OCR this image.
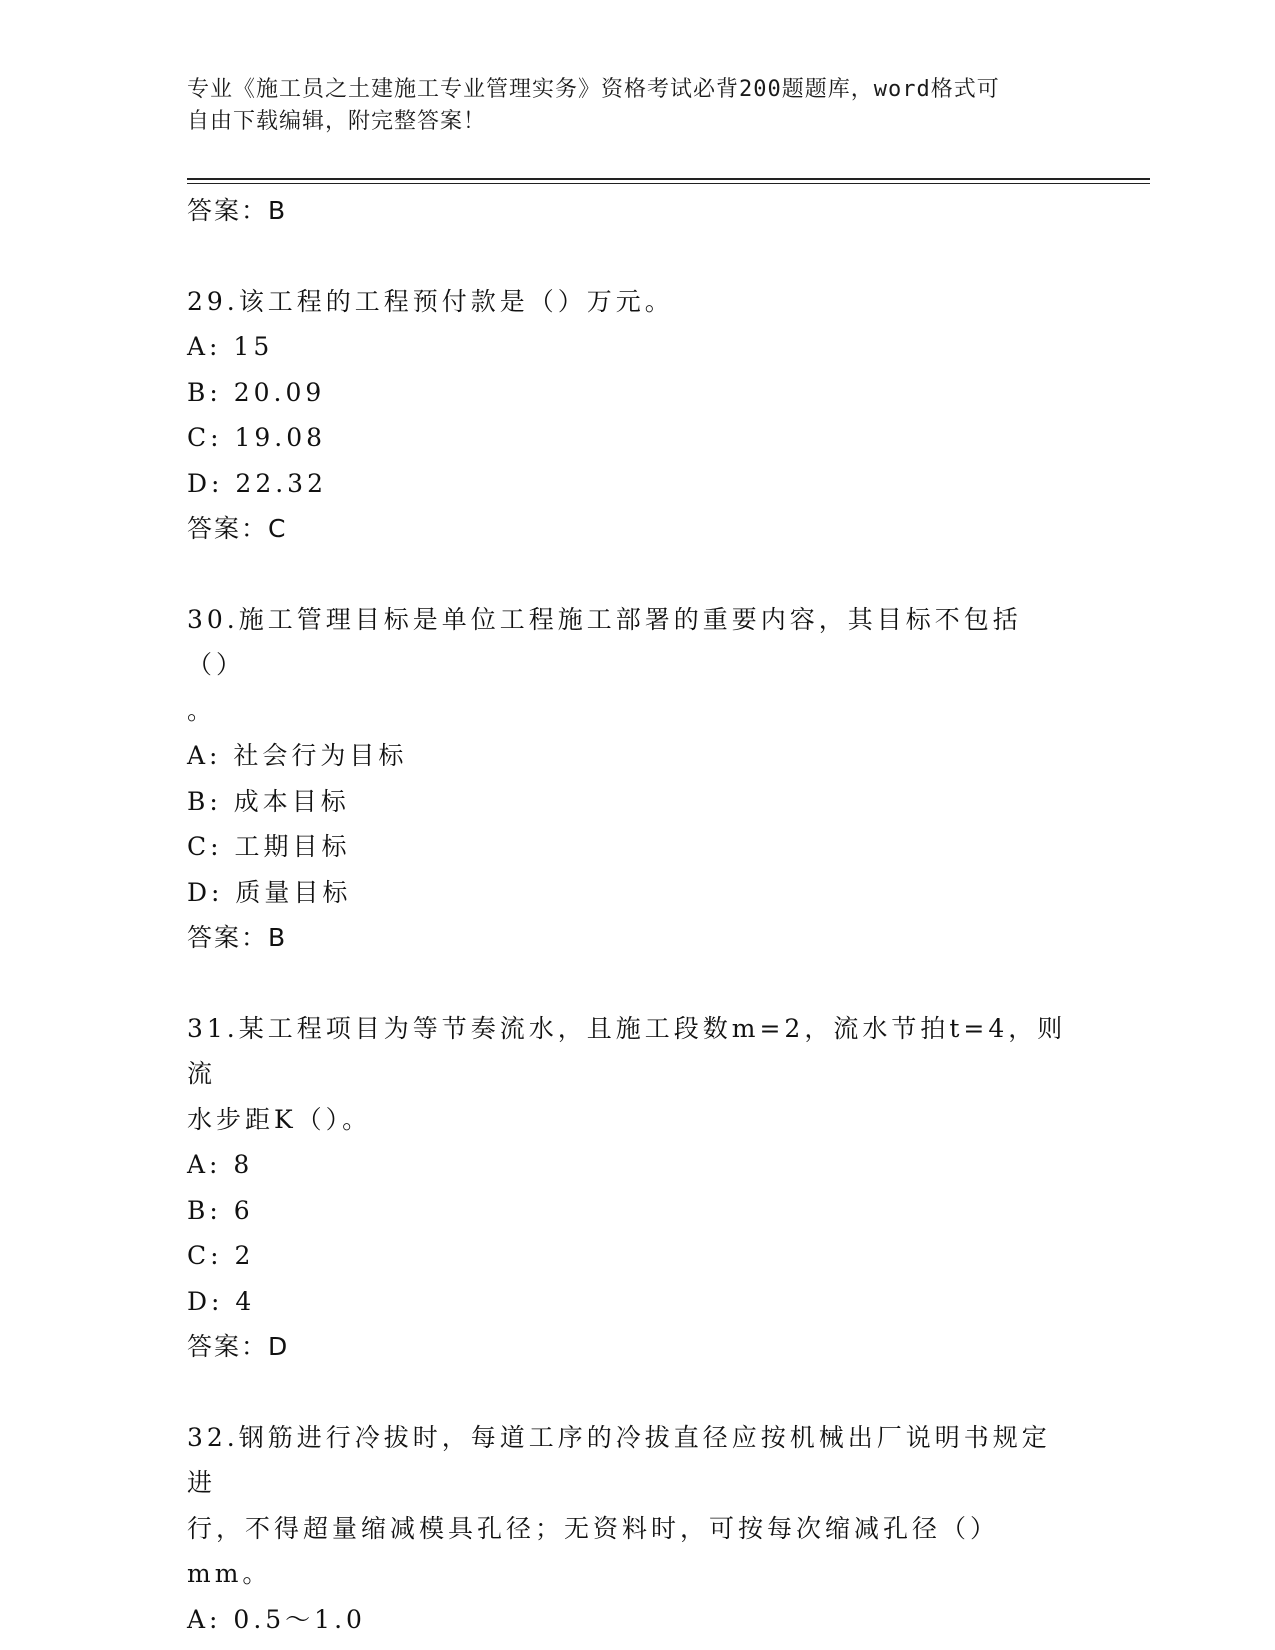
专业《施工员之土建施工专业管理实务》资格考试必背200题题库，word格式可
自由下载编辑，附完整答案！
答案：B
29.该工程的工程预付款是（）万元。
A: 15
B: 20.09
C: 19.08
D: 22.32
答案：C
30.施工管理目标是单位工程施工部署的重要内容，其目标不包括（）
。
A: 社会行为目标
B: 成本目标
C: 工期目标
D: 质量目标
答案：B
31.某工程项目为等节奏流水，且施工段数m=2，流水节拍t=4，则流
水步距K（）。
A: 8
B: 6
C: 2
D: 4
答案：D
32.钢筋进行冷拔时，每道工序的冷拔直径应按机械出厂说明书规定进
行，不得超量缩减模具孔径；无资料时，可按每次缩减孔径（）mm。
A: 0.5～1.0
